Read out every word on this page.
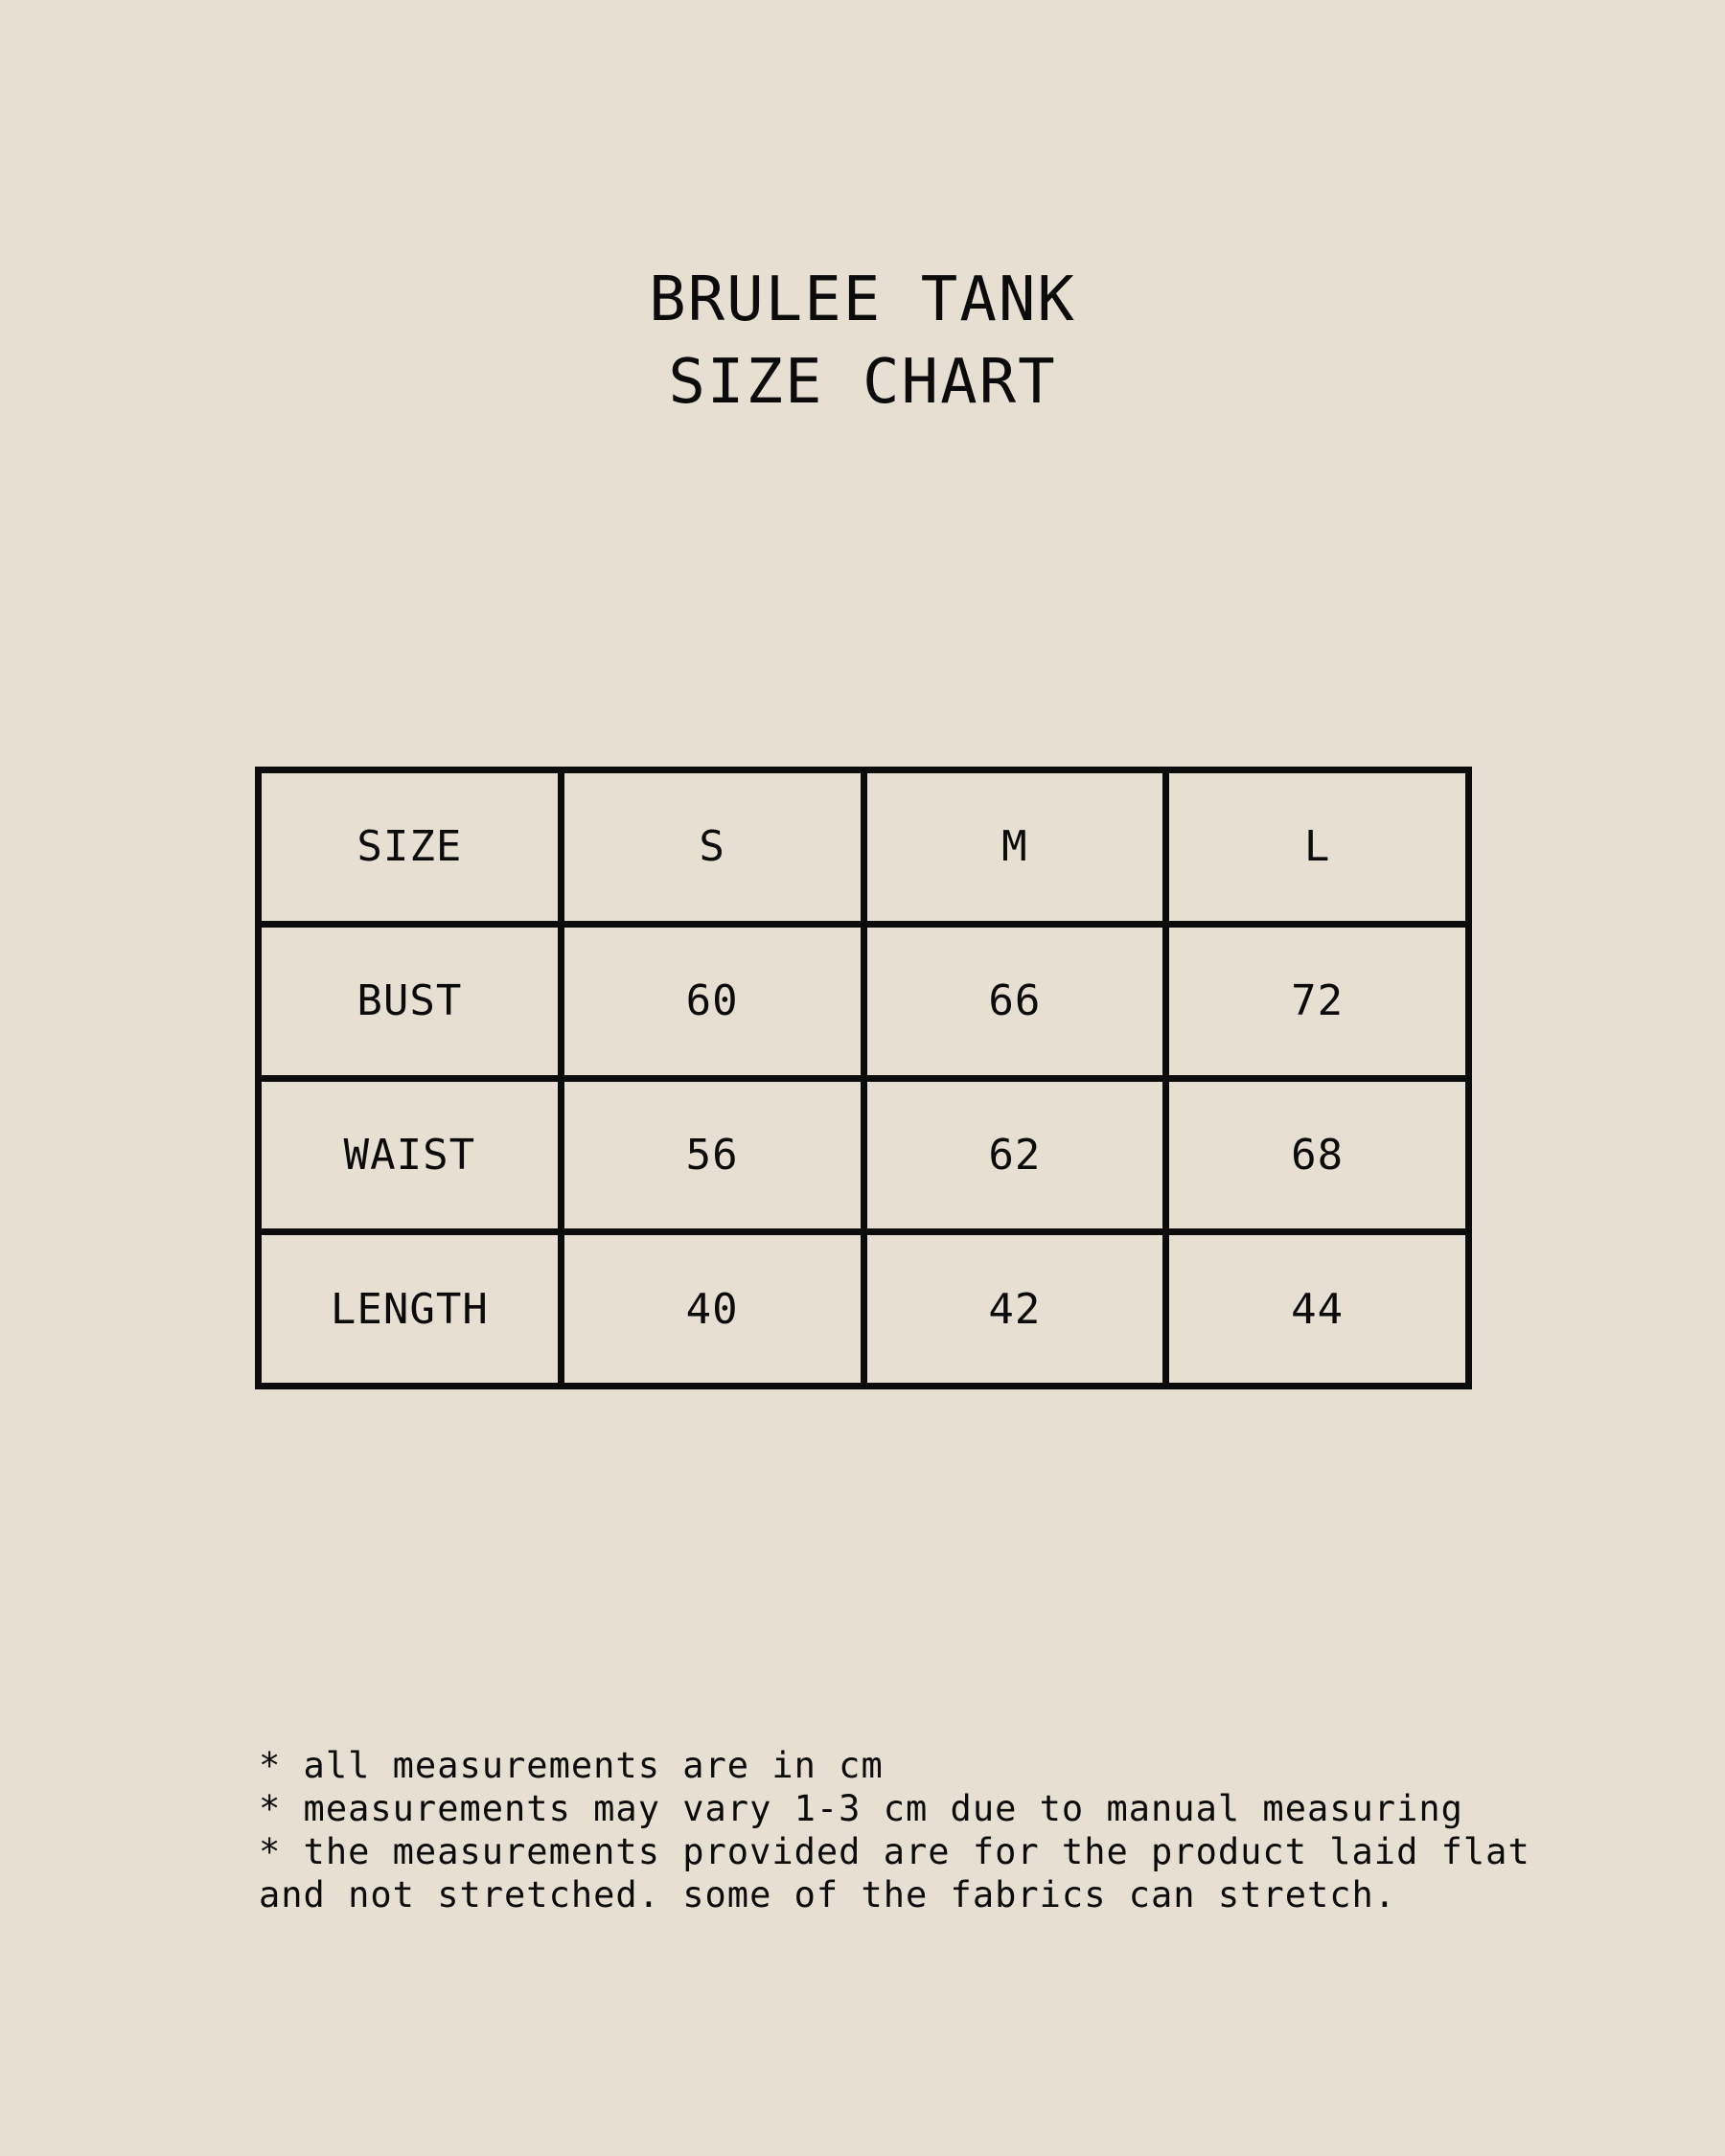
BRULEE TANK
SIZE CHART
SIZE	S	M	L
BUST	60	66	72
WAIST	56	62	68
LENGTH	40	42	44
* all measurements are in cm
* measurements may vary 1-3 cm due to manual measuring
* the measurements provided are for the product laid flat
and not stretched. some of the fabrics can stretch.
